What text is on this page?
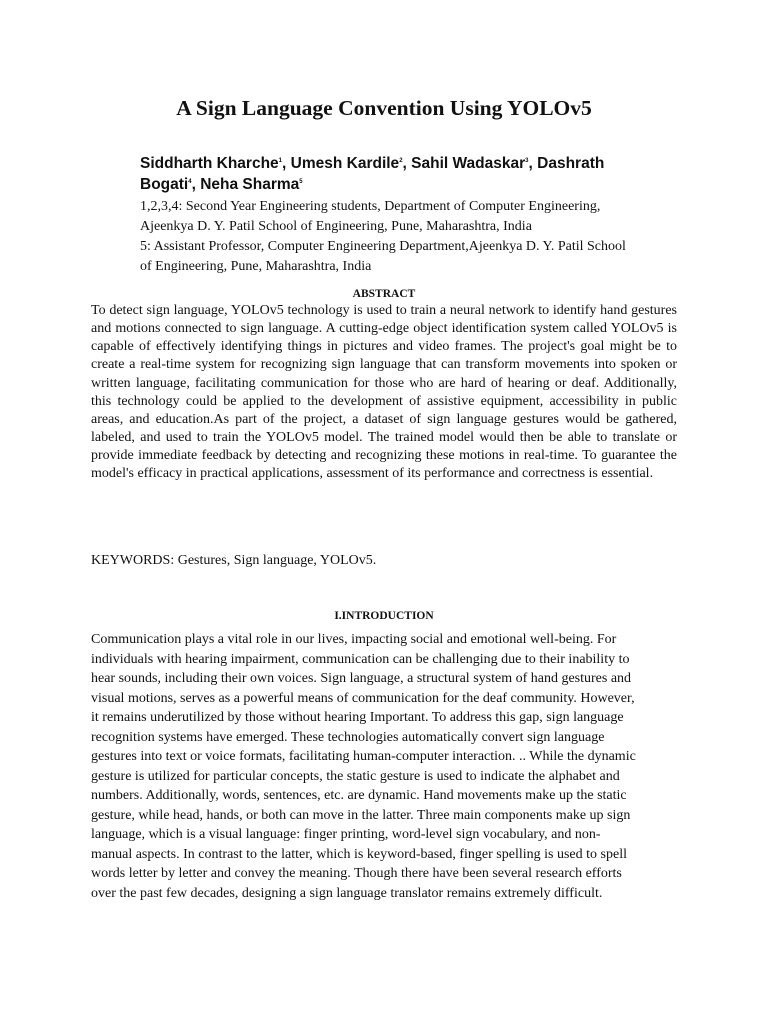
A Sign Language Convention Using YOLOv5
Siddharth Kharche$^1$, Umesh Kardile$^2$, Sahil Wadaskar$^3$, Dashrath Bogati$^4$, Neha Sharma$^5$
1,2,3,4: Second Year Engineering students, Department of Computer Engineering, Ajeenkya D. Y. Patil School of Engineering, Pune, Maharashtra, India
5: Assistant Professor, Computer Engineering Department,Ajeenkya D. Y. Patil School of Engineering, Pune, Maharashtra, India
ABSTRACT
To detect sign language, YOLOv5 technology is used to train a neural network to identify hand gestures and motions connected to sign language. A cutting-edge object identification system called YOLOv5 is capable of effectively identifying things in pictures and video frames. The project's goal might be to create a real-time system for recognizing sign language that can transform movements into spoken or written language, facilitating communication for those who are hard of hearing or deaf. Additionally, this technology could be applied to the development of assistive equipment, accessibility in public areas, and education.As part of the project, a dataset of sign language gestures would be gathered, labeled, and used to train the YOLOv5 model. The trained model would then be able to translate or provide immediate feedback by detecting and recognizing these motions in real-time. To guarantee the model's efficacy in practical applications, assessment of its performance and correctness is essential.
KEYWORDS: Gestures, Sign language, YOLOv5.
I.INTRODUCTION
Communication plays a vital role in our lives, impacting social and emotional well-being. For
individuals with hearing impairment, communication can be challenging due to their inability to
hear sounds, including their own voices. Sign language, a structural system of hand gestures and
visual motions, serves as a powerful means of communication for the deaf community. However,
it remains underutilized by those without hearing Important. To address this gap, sign language
recognition systems have emerged. These technologies automatically convert sign language
gestures into text or voice formats, facilitating human-computer interaction. .. While the dynamic
gesture is utilized for particular concepts, the static gesture is used to indicate the alphabet and
numbers. Additionally, words, sentences, etc. are dynamic. Hand movements make up the static
gesture, while head, hands, or both can move in the latter. Three main components make up sign
language, which is a visual language: finger printing, word-level sign vocabulary, and non-
manual aspects. In contrast to the latter, which is keyword-based, finger spelling is used to spell
words letter by letter and convey the meaning. Though there have been several research efforts
over the past few decades, designing a sign language translator remains extremely difficult.
